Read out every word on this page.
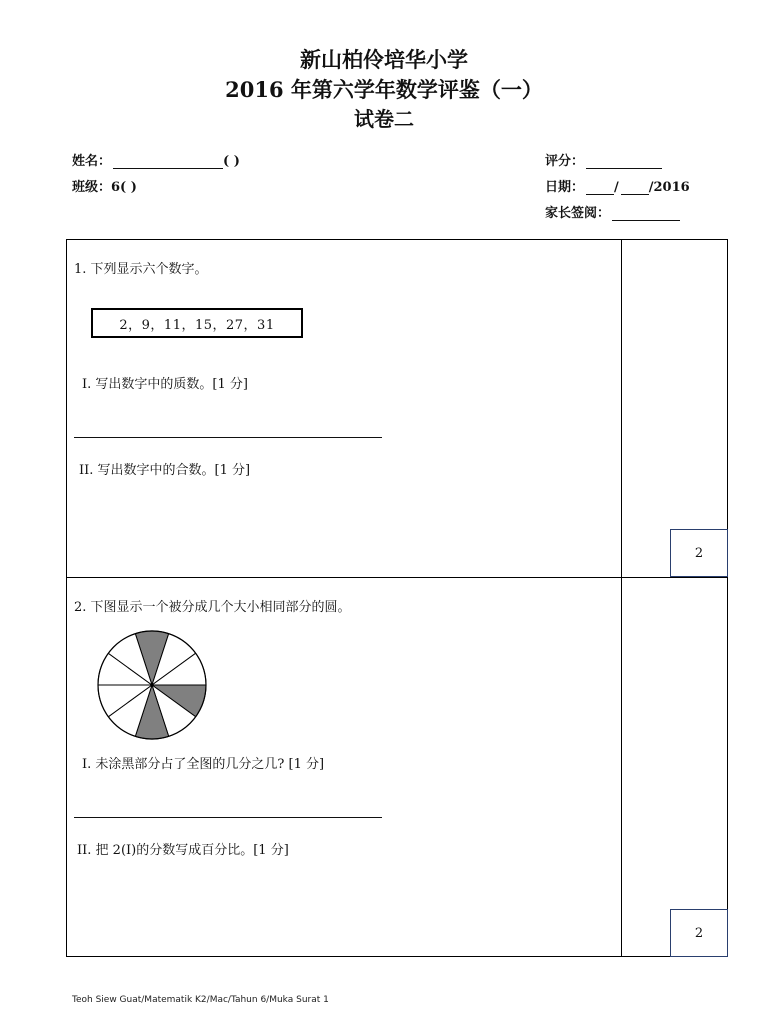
新山柏伶培华小学
2016 年第六学年数学评鉴（一）
试卷二
姓名：	( )
班级：6( )
评分：
日期： / /2016
家长签阅：
1. 下列显示六个数字。
2，9，11，15，27，31
I. 写出数字中的质数。[1 分]
II. 写出数字中的合数。[1 分]
2
2. 下图显示一个被分成几个大小相同部分的圆。
I. 未涂黑部分占了全图的几分之几? [1 分]
II. 把 2(I)的分数写成百分比。[1 分]
2
Teoh Siew Guat/Matematik K2/Mac/Tahun 6/Muka Surat 1
